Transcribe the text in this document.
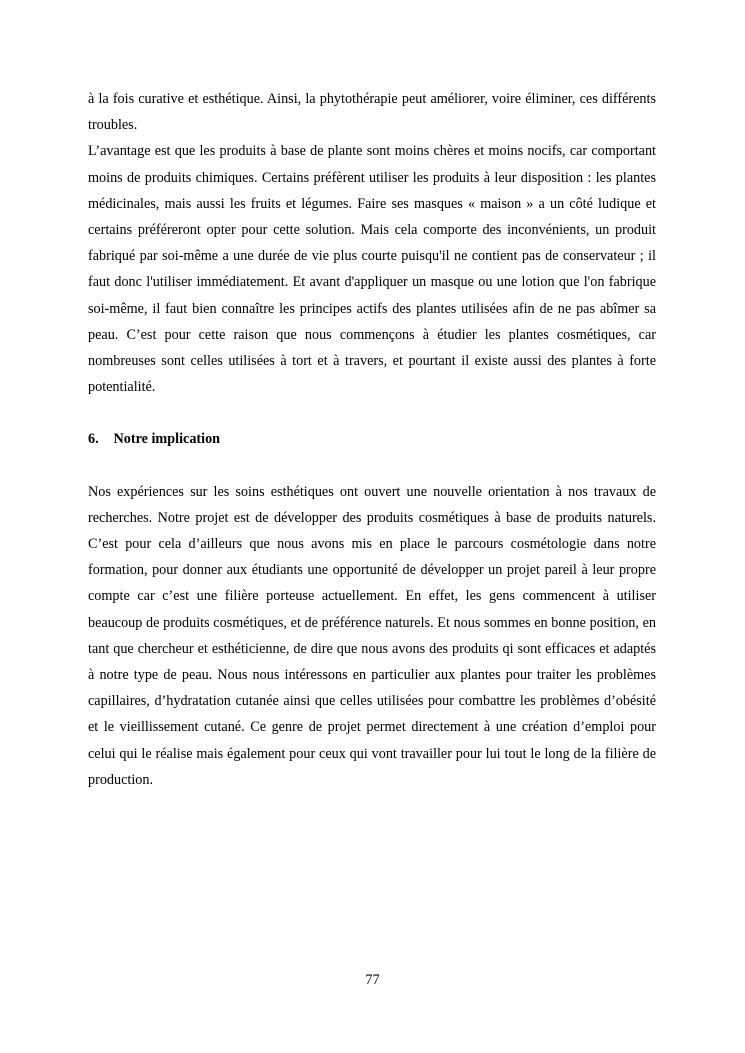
à la fois curative et esthétique. Ainsi, la phytothérapie peut améliorer, voire éliminer, ces différents troubles.

L’avantage est que les produits à base de plante sont moins chères et moins nocifs, car comportant moins de produits chimiques. Certains préfèrent utiliser les produits à leur disposition : les plantes médicinales, mais aussi les fruits et légumes. Faire ses masques « maison » a un côté ludique et certains préféreront opter pour cette solution. Mais cela comporte des inconvénients, un produit fabriqué par soi-même a une durée de vie plus courte puisqu'il ne contient pas de conservateur ; il faut donc l'utiliser immédiatement. Et avant d'appliquer un masque ou une lotion que l'on fabrique soi-même, il faut bien connaître les principes actifs des plantes utilisées afin de ne pas abîmer sa peau. C’est pour cette raison que nous commençons à étudier les plantes cosmétiques, car nombreuses sont celles utilisées à tort et à travers, et pourtant il existe aussi des plantes à forte potentialité.

6. Notre implication

Nos expériences sur les soins esthétiques ont ouvert une nouvelle orientation à nos travaux de recherches. Notre projet est de développer des produits cosmétiques à base de produits naturels. C’est pour cela d’ailleurs que nous avons mis en place le parcours cosmétologie dans notre formation, pour donner aux étudiants une opportunité de développer un projet pareil à leur propre compte car c’est une filière porteuse actuellement. En effet, les gens commencent à utiliser beaucoup de produits cosmétiques, et de préférence naturels. Et nous sommes en bonne position, en tant que chercheur et esthéticienne, de dire que nous avons des produits qi sont efficaces et adaptés à notre type de peau. Nous nous intéressons en particulier aux plantes pour traiter les problèmes capillaires, d’hydratation cutanée ainsi que celles utilisées pour combattre les problèmes d’obésité et le vieillissement cutané. Ce genre de projet permet directement à une création d’emploi pour celui qui le réalise mais également pour ceux qui vont travailler pour lui tout le long de la filière de production.

77
